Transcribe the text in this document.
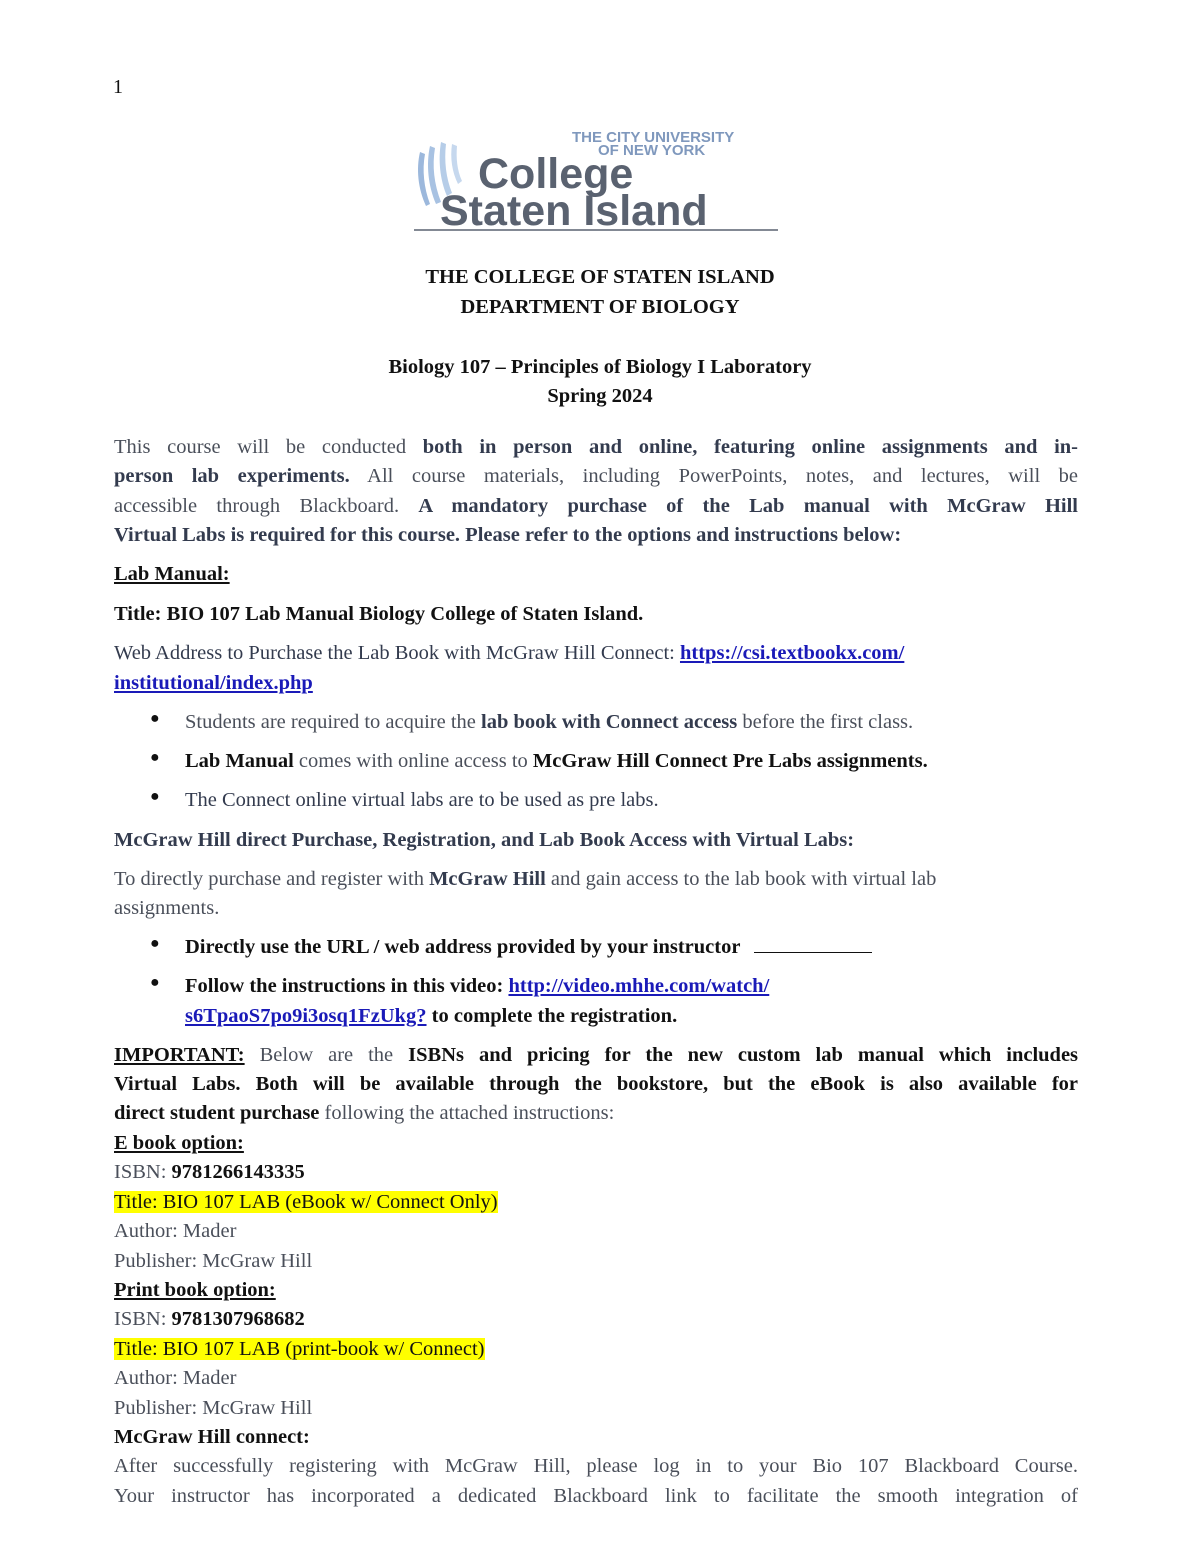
1
THE CITY UNIVERSITY
OF NEW YORK
College
Staten Island
THE COLLEGE OF STATEN ISLAND
DEPARTMENT OF BIOLOGY
Biology 107 – Principles of Biology I Laboratory
Spring 2024
This course will be conducted both in person and online, featuring online assignments and in-
person lab experiments. All course materials, including PowerPoints, notes, and lectures, will be
accessible through Blackboard. A mandatory purchase of the Lab manual with McGraw Hill
Virtual Labs is required for this course. Please refer to the options and instructions below:
Lab Manual:
Title: BIO 107 Lab Manual Biology College of Staten Island.
Web Address to Purchase the Lab Book with McGraw Hill Connect: https://csi.textbookx.com/
institutional/index.php
● Students are required to acquire the lab book with Connect access before the first class.
● Lab Manual comes with online access to McGraw Hill Connect Pre Labs assignments.
● The Connect online virtual labs are to be used as pre labs.
McGraw Hill direct Purchase, Registration, and Lab Book Access with Virtual Labs:
To directly purchase and register with McGraw Hill and gain access to the lab book with virtual lab
assignments.
● Directly use the URL / web address provided by your instructor
● Follow the instructions in this video: http://video.mhhe.com/watch/
s6TpaoS7po9i3osq1FzUkg? to complete the registration.
IMPORTANT: Below are the ISBNs and pricing for the new custom lab manual which includes
Virtual Labs. Both will be available through the bookstore, but the eBook is also available for
direct student purchase following the attached instructions:
E book option:
ISBN: 9781266143335
Title: BIO 107 LAB (eBook w/ Connect Only)
Author: Mader
Publisher: McGraw Hill
Print book option:
ISBN: 9781307968682
Title: BIO 107 LAB (print-book w/ Connect)
Author: Mader
Publisher: McGraw Hill
McGraw Hill connect:
After successfully registering with McGraw Hill, please log in to your Bio 107 Blackboard Course.
Your instructor has incorporated a dedicated Blackboard link to facilitate the smooth integration of
